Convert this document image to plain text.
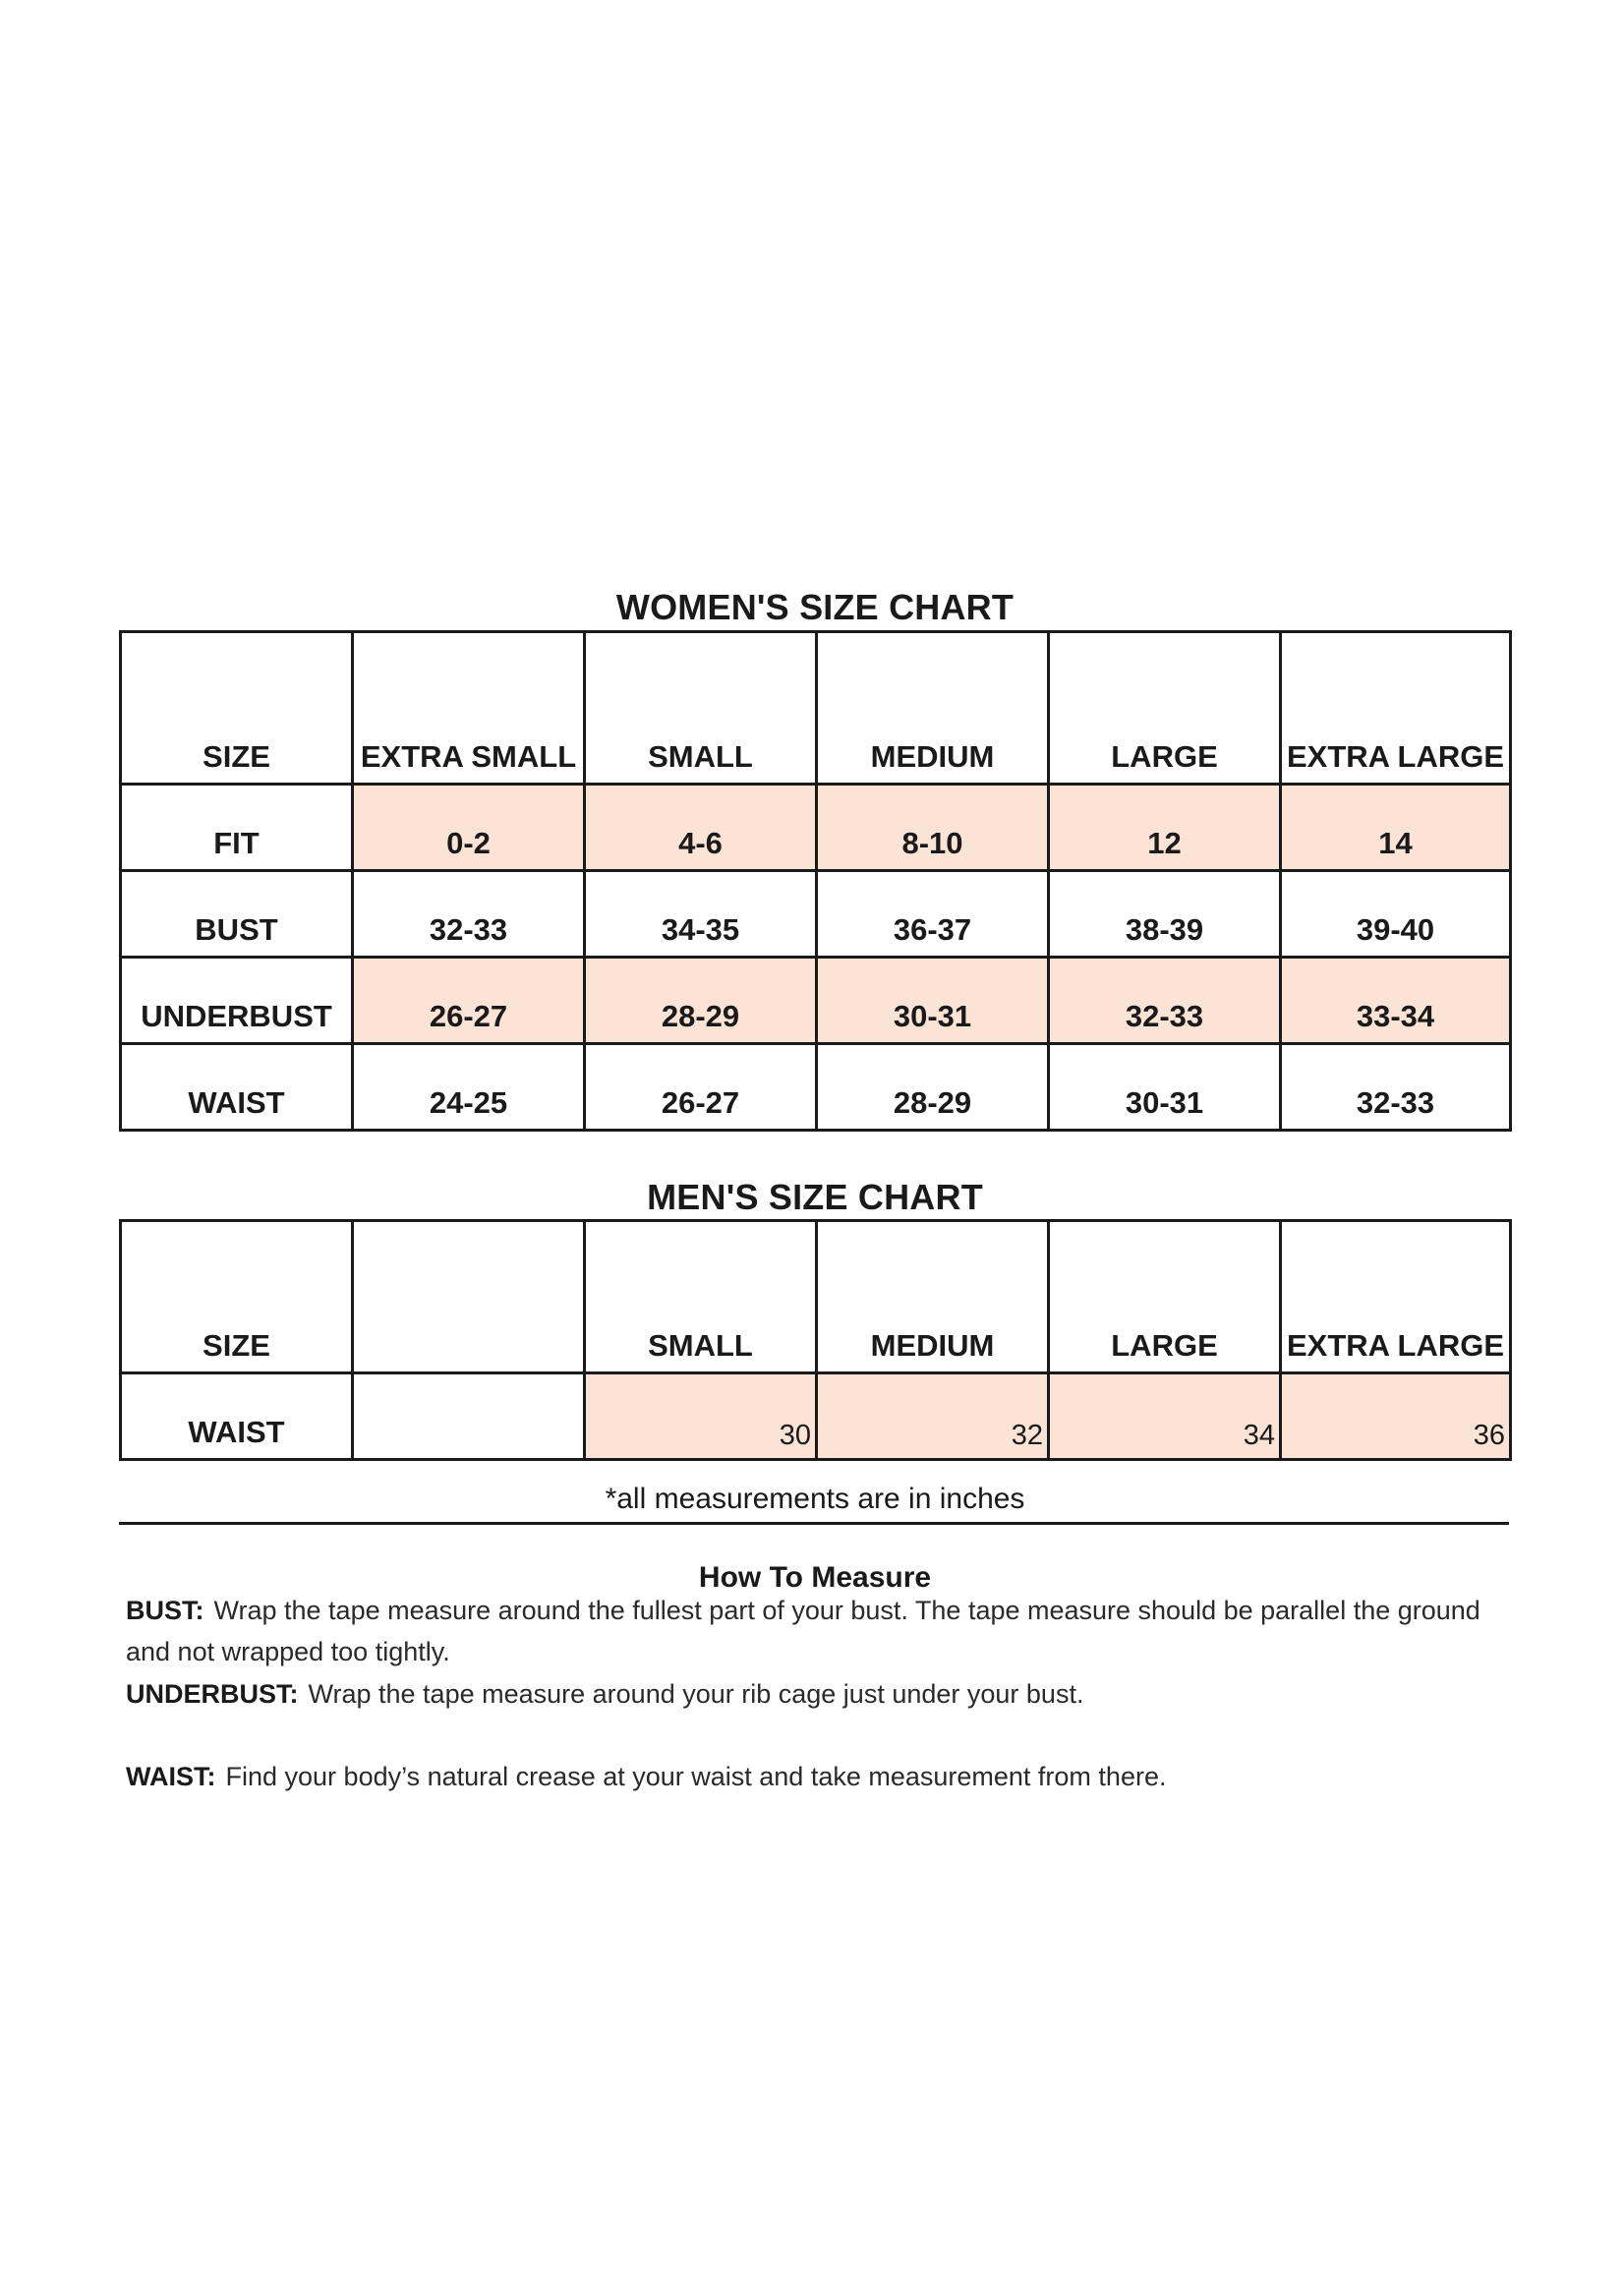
WOMEN'S SIZE CHART
SIZE	EXTRA SMALL	SMALL	MEDIUM	LARGE	EXTRA LARGE
FIT	0-2	4-6	8-10	12	14
BUST	32-33	34-35	36-37	38-39	39-40
UNDERBUST	26-27	28-29	30-31	32-33	33-34
WAIST	24-25	26-27	28-29	30-31	32-33
MEN'S SIZE CHART
SIZE		SMALL	MEDIUM	LARGE	EXTRA LARGE
WAIST		30	32	34	36
*all measurements are in inches
How To Measure
BUST: Wrap the tape measure around the fullest part of your bust. The tape measure should be parallel the ground and not wrapped too tightly.
UNDERBUST: Wrap the tape measure around your rib cage just under your bust.
WAIST: Find your body’s natural crease at your waist and take measurement from there.
